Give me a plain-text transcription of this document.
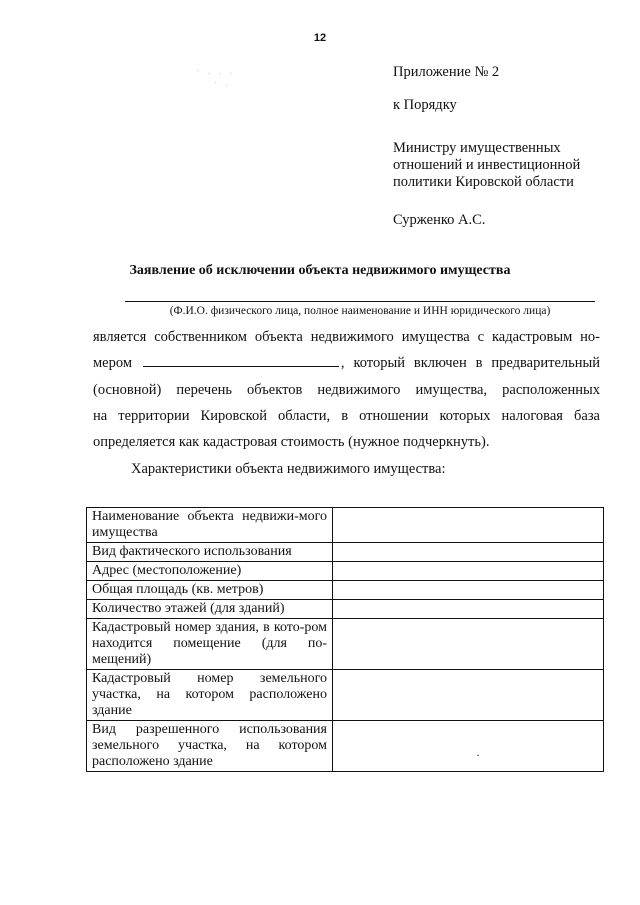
12
· . . .
· .
Приложение № 2
к Порядку
Министру имущественных
отношений и инвестиционной
политики Кировской области
Сурженко А.С.
Заявление об исключении объекта недвижимого имущества
(Ф.И.О. физического лица, полное наименование и ИНН юридического лица)
является собственником объекта недвижимого имущества с кадастровым но-
мером	, который включен в предварительный
(основной) перечень объектов недвижимого имущества, расположенных
на территории Кировской области, в отношении которых налоговая база
определяется как кадастровая стоимость (нужное подчеркнуть).
Характеристики объекта недвижимого имущества:
Наименование объекта недвижи-мого имущества	
Вид фактического использования	
Адрес (местоположение)	
Общая площадь (кв. метров)	
Количество этажей (для зданий)	
Кадастровый номер здания, в кото-ром находится помещение (для по-мещений)	
Кадастровый номер земельного участка, на котором расположено здание	
Вид разрешенного использования земельного участка, на котором расположено здание		·
